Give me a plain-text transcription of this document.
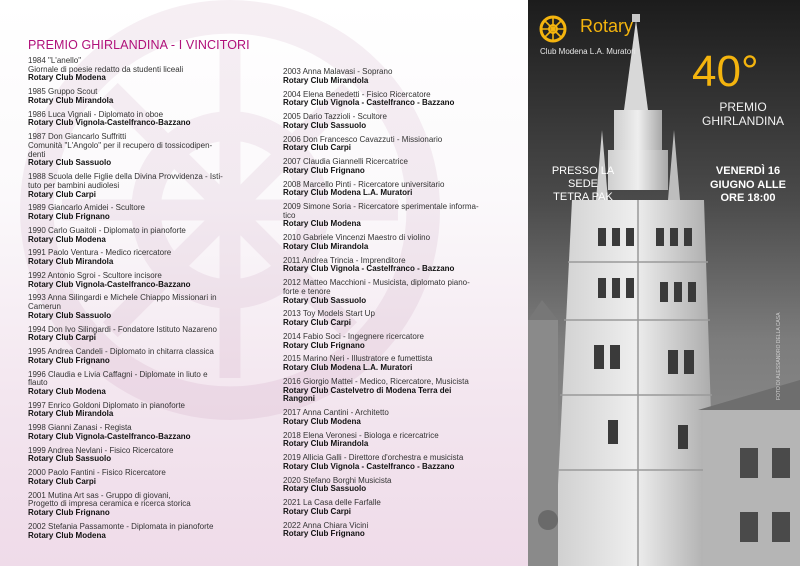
PREMIO GHIRLANDINA - I VINCITORI
1984 "L'anello"
Giornale di poesie redatto da studenti liceali
Rotary Club Modena
1985 Gruppo Scout
Rotary Club Mirandola
1986 Luca Vignali - Diplomato in oboe
Rotary Club Vignola-Castelfranco-Bazzano
1987 Don Giancarlo Suffritti
Comunità "L'Angolo" per il recupero di tossicodipen-
denti
Rotary Club Sassuolo
1988 Scuola delle Figlie della Divina Provvidenza - Isti-
tuto per bambini audiolesi
Rotary Club Carpi
1989 Giancarlo Amidei - Scultore
Rotary Club Frignano
1990 Carlo Guaitoli - Diplomato in pianoforte
Rotary Club Modena
1991 Paolo Ventura - Medico ricercatore
Rotary Club Mirandola
1992 Antonio Sgroi - Scultore incisore
Rotary Club Vignola-Castelfranco-Bazzano
1993 Anna Silingardi e Michele Chiappo Missionari in
Camerun
Rotary Club Sassuolo
1994 Don Ivo Silingardi - Fondatore Istituto Nazareno
Rotary Club Carpi
1995 Andrea Candeli - Diplomato in chitarra classica
Rotary Club Frignano
1996 Claudia e Livia Caffagni - Diplomate in liuto e
flauto
Rotary Club Modena
1997 Enrico Goldoni Diplomato in pianoforte
Rotary Club Mirandola
1998 Gianni Zanasi - Regista
Rotary Club Vignola-Castelfranco-Bazzano
1999 Andrea Nevlani - Fisico Ricercatore
Rotary Club Sassuolo
2000 Paolo Fantini - Fisico Ricercatore
Rotary Club Carpi
2001 Mutina Art sas - Gruppo di giovani,
Progetto di impresa ceramica e ricerca storica
Rotary Club Frignano
2002 Stefania Passamonte - Diplomata in pianoforte
Rotary Club Modena
2003 Anna Malavasi - Soprano
Rotary Club Mirandola
2004 Elena Benedetti - Fisico Ricercatore
Rotary Club Vignola - Castelfranco - Bazzano
2005 Dario Tazzioli - Scultore
Rotary Club Sassuolo
2006 Don Francesco Cavazzuti - Missionario
Rotary Club Carpi
2007 Claudia Giannelli Ricercatrice
Rotary Club Frignano
2008 Marcello Pinti - Ricercatore universitario
Rotary Club Modena L.A. Muratori
2009 Simone Soria - Ricercatore sperimentale informa-
tico
Rotary Club Modena
2010 Gabriele Vincenzi Maestro di violino
Rotary Club Mirandola
2011 Andrea Trincia - Imprenditore
Rotary Club Vignola - Castelfranco - Bazzano
2012 Matteo Macchioni - Musicista, diplomato piano-
forte e tenore
Rotary Club Sassuolo
2013 Toy Models Start Up
Rotary Club Carpi
2014 Fabio Soci - Ingegnere ricercatore
Rotary Club Frignano
2015 Marino Neri - Illustratore e fumettista
Rotary Club Modena L.A. Muratori
2016 Giorgio Mattei - Medico, Ricercatore, Musicista
Rotary Club Castelvetro di Modena Terra dei
Rangoni
2017 Anna Cantini - Architetto
Rotary Club Modena
2018 Elena Veronesi - Biologa e ricercatrice
Rotary Club Mirandola
2019 Allicia Galli - Direttore d'orchestra e musicista
Rotary Club Vignola - Castelfranco - Bazzano
2020 Stefano Borghi Musicista
Rotary Club Sassuolo
2021 La Casa delle Farfalle
Rotary Club Carpi
2022 Anna Chiara Vicini
Rotary Club Frignano
Rotary
Club Modena L.A. Muratori 40°
PREMIO
GHIRLANDINA
PRESSO LA
SEDE
TETRA PAK
VENERDÌ 16
GIUGNO ALLE
ORE 18:00
FOTO DI ALESSANDRO DELLA CASA
